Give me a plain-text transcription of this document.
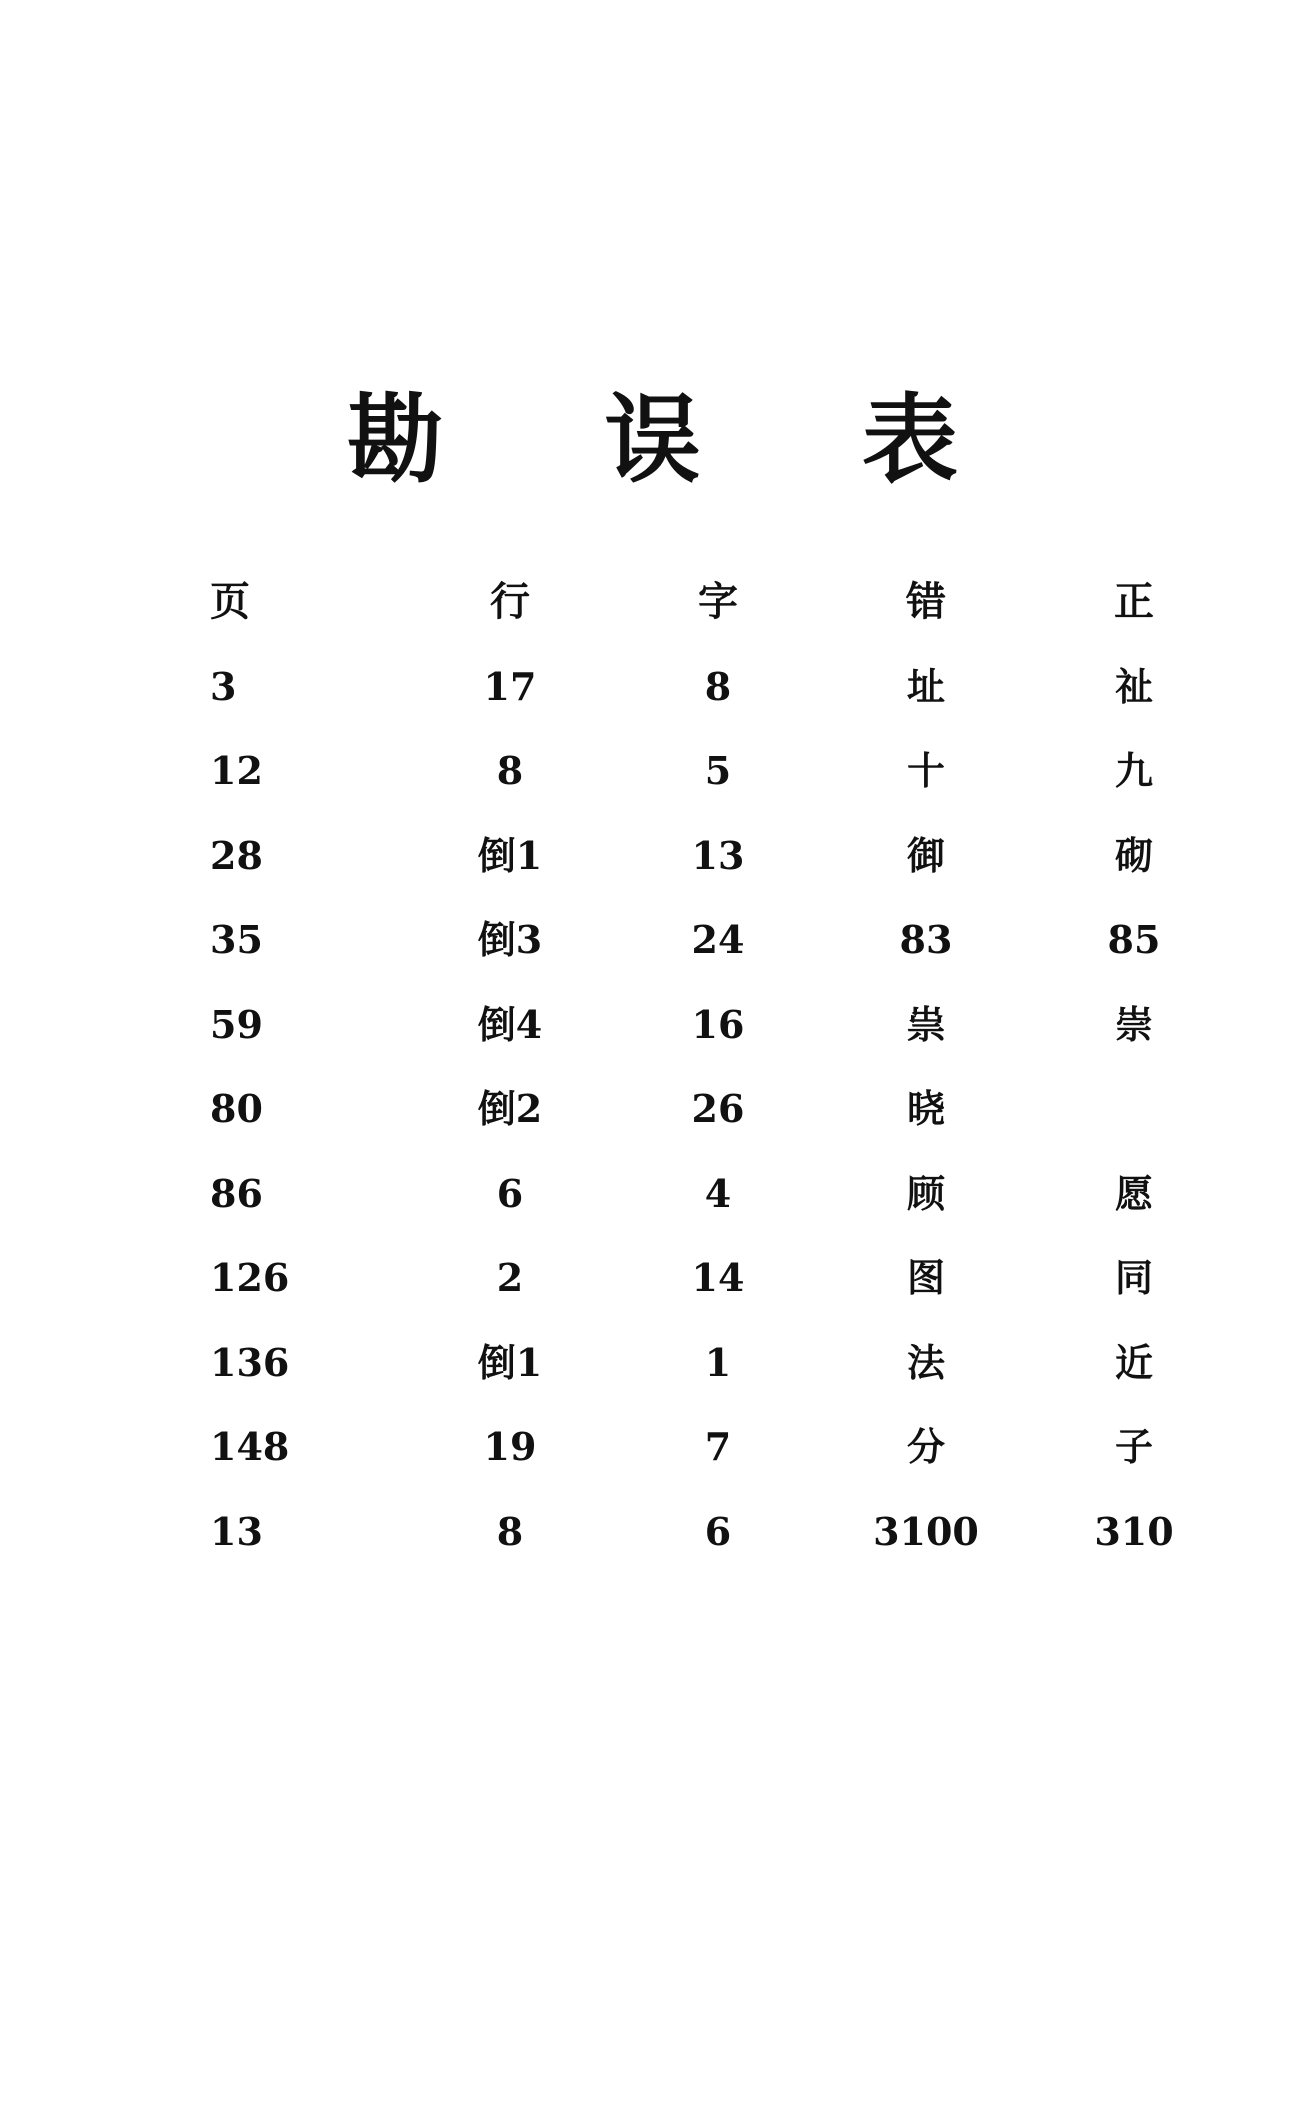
勘 误 表
页	行	字	错	正
3	17	8	址	祉
12	8	5	十	九
28	倒1	13	御	砌
35	倒3	24	83	85
59	倒4	16	祟	崇
80	倒2	26	晓
86	6	4	顾	愿
126	2	14	图	同
136	倒1	1	法	近
148	19	7	分	子
13	8	6	3100	310
